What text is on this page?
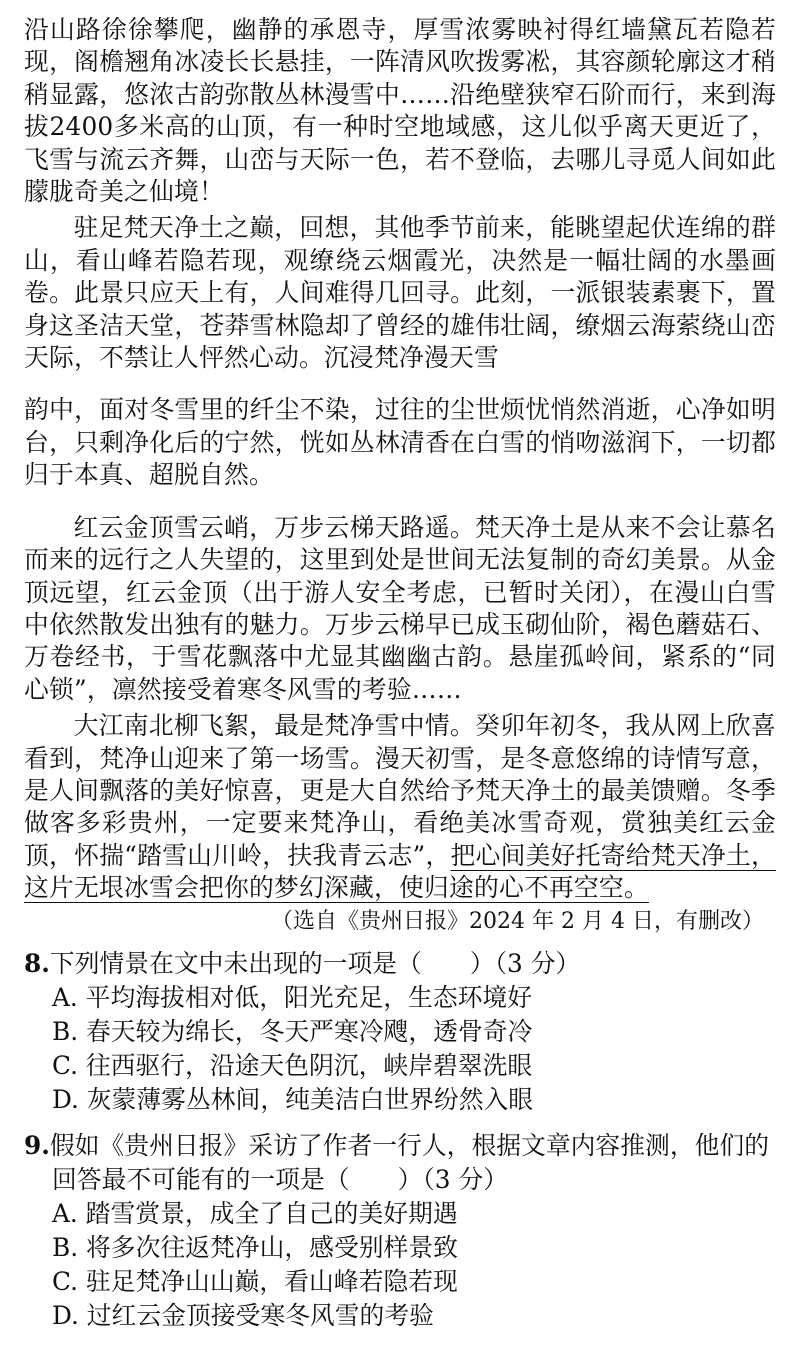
沿山路徐徐攀爬，幽静的承恩寺，厚雪浓雾映衬得红墙黛瓦若隐若现，阁檐翘角冰凌长长悬挂，一阵清风吹拨雾凇，其容颜轮廓这才稍稍显露，悠浓古韵弥散丛林漫雪中……沿绝壁狭窄石阶而行，来到海拔2400多米高的山顶，有一种时空地域感，这儿似乎离天更近了，飞雪与流云齐舞，山峦与天际一色，若不登临，去哪儿寻觅人间如此朦胧奇美之仙境！

驻足梵天净土之巅，回想，其他季节前来，能眺望起伏连绵的群山，看山峰若隐若现，观缭绕云烟霞光，决然是一幅壮阔的水墨画卷。此景只应天上有，人间难得几回寻。此刻，一派银装素裹下，置身这圣洁天堂，苍莽雪林隐却了曾经的雄伟壮阔，缭烟云海萦绕山峦天际，不禁让人怦然心动。沉浸梵净漫天雪

韵中，面对冬雪里的纤尘不染，过往的尘世烦忧悄然消逝，心净如明台，只剩净化后的宁然，恍如丛林清香在白雪的悄吻滋润下，一切都归于本真、超脱自然。

红云金顶雪云峭，万步云梯天路遥。梵天净土是从来不会让慕名而来的远行之人失望的，这里到处是世间无法复制的奇幻美景。从金顶远望，红云金顶（出于游人安全考虑，已暂时关闭），在漫山白雪中依然散发出独有的魅力。万步云梯早已成玉砌仙阶，褐色蘑菇石、万卷经书，于雪花飘落中尤显其幽幽古韵。悬崖孤岭间，紧系的“同心锁”，凛然接受着寒冬风雪的考验……

大江南北柳飞絮，最是梵净雪中情。癸卯年初冬，我从网上欣喜看到，梵净山迎来了第一场雪。漫天初雪，是冬意悠绵的诗情写意，是人间飘落的美好惊喜，更是大自然给予梵天净土的最美馈赠。冬季做客多彩贵州，一定要来梵净山，看绝美冰雪奇观，赏独美红云金顶，怀揣“踏雪山川岭，扶我青云志”，把心间美好托寄给梵天净土，这片无垠冰雪会把你的梦幻深藏，使归途的心不再空空。

（选自《贵州日报》2024 年 2 月 4 日，有删改）

8.下列情景在文中未出现的一项是（ ）（3 分）

A. 平均海拔相对低，阳光充足，生态环境好
B. 春天较为绵长，冬天严寒冷飕，透骨奇冷
C. 往西驱行，沿途天色阴沉，峡岸碧翠洗眼
D. 灰蒙薄雾丛林间，纯美洁白世界纷然入眼

9.假如《贵州日报》采访了作者一行人，根据文章内容推测，他们的回答最不可能有的一项是（ ）（3 分）

A. 踏雪赏景，成全了自己的美好期遇
B. 将多次往返梵净山，感受别样景致
C. 驻足梵净山山巅，看山峰若隐若现
D. 过红云金顶接受寒冬风雪的考验
